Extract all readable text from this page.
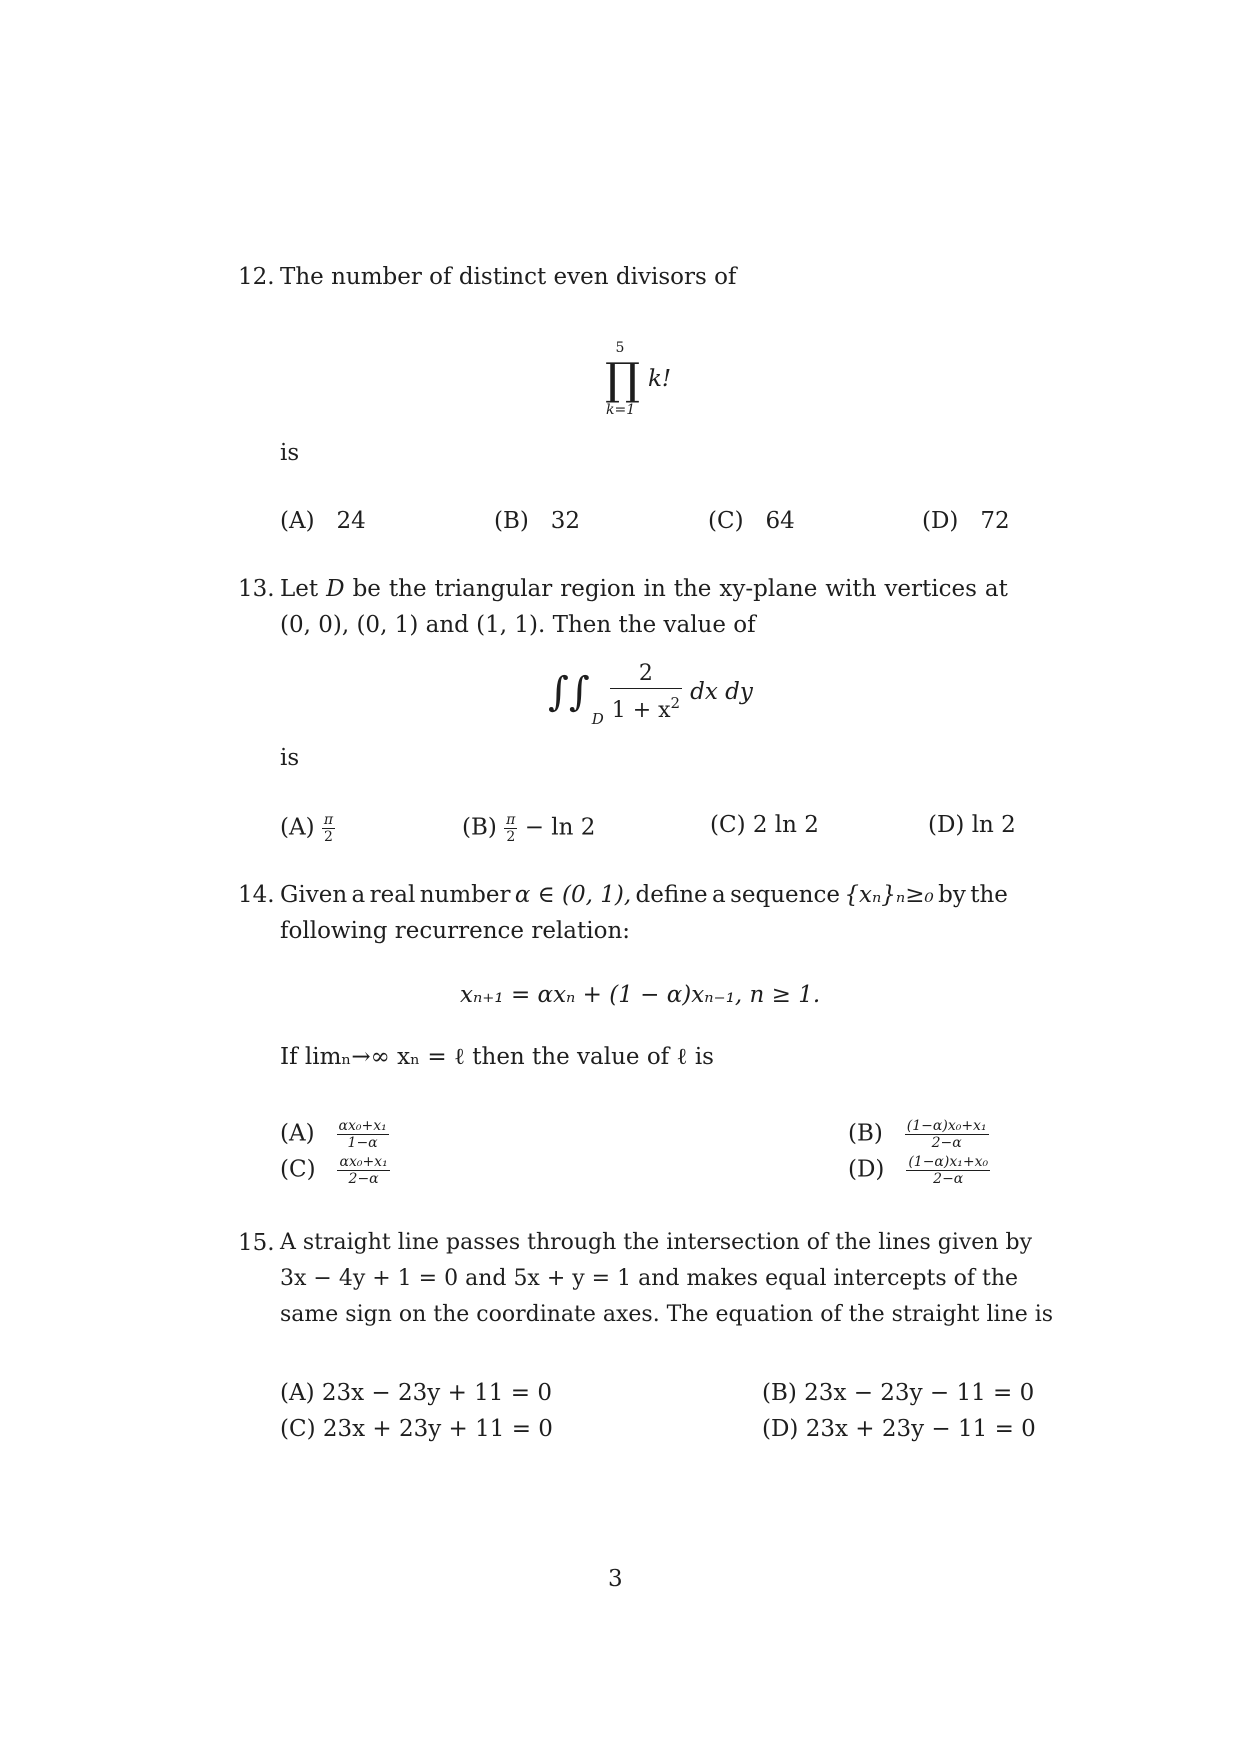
12. The number of distinct even divisors of
5
∏ k!
k=1
is
(A) 24	(B) 32	(C) 64	(D) 72
13. Let D be the triangular region in the xy-plane with vertices at
(0, 0), (0, 1) and (1, 1). Then the value of
∫∫
D $\frac{2}{1 + x^2}$ dx dy
is
$(A) \frac{\pi}{2}$	$(B) \frac{\pi}{2} - \ln 2$	(C) 2 ln 2	(D) ln 2
14. Given a real number α ∈ (0, 1), define a sequence {xₙ}ₙ≥₀ by the
following recurrence relation:
xₙ₊₁ = αxₙ + (1 − α)xₙ₋₁, n ≥ 1.
If limₙ→∞ xₙ = ℓ then the value of ℓ is
$(A) \frac{\text{αx₀+x₁}}{1-\alpha}$	$(B) \frac{\text{(1−α)x₀+x₁}}{2-\alpha}$
$(C) \frac{\text{αx₀+x₁}}{2-\alpha}$	$(D) \frac{\text{(1−α)x₁+x₀}}{2-\alpha}$
15. A straight line passes through the intersection of the lines given by
3x − 4y + 1 = 0 and 5x + y = 1 and makes equal intercepts of the
same sign on the coordinate axes. The equation of the straight line is
(A) 23x − 23y + 11 = 0	(B) 23x − 23y − 11 = 0
(C) 23x + 23y + 11 = 0	(D) 23x + 23y − 11 = 0
3
